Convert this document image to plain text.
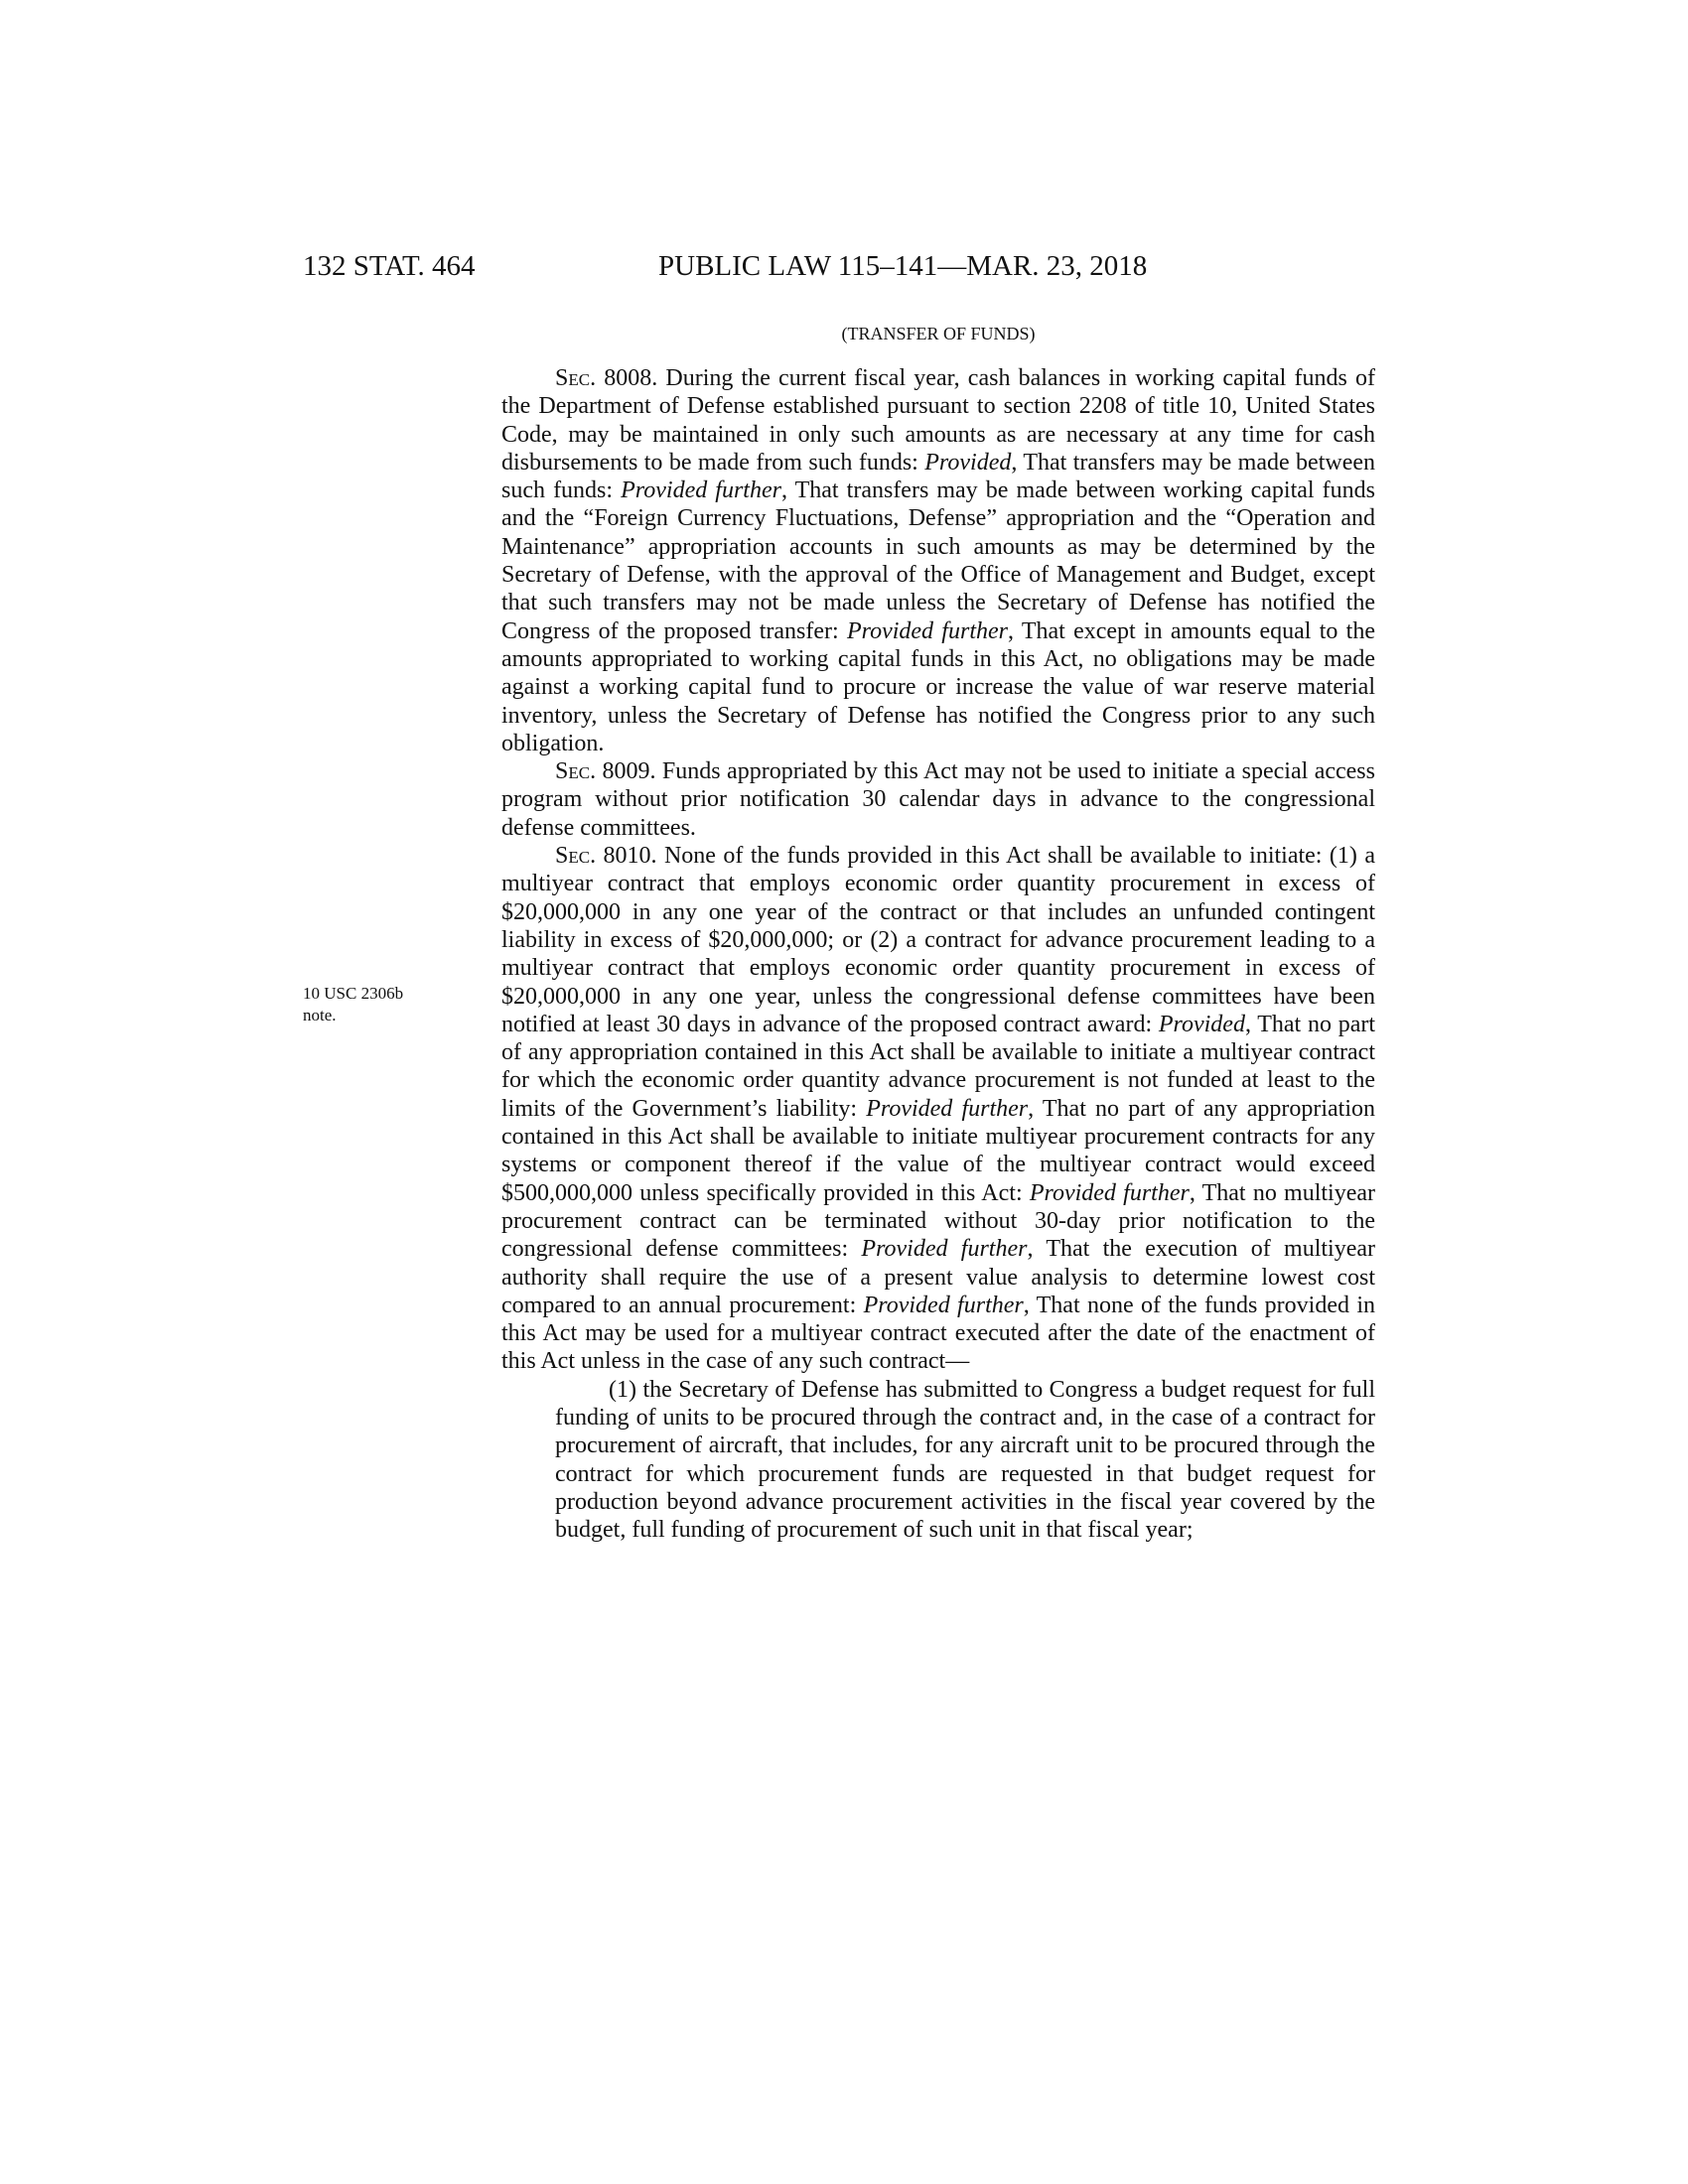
132 STAT. 464	PUBLIC LAW 115–141—MAR. 23, 2018
(TRANSFER OF FUNDS)
10 USC 2306b
note.

Sec. 8008. During the current fiscal year, cash balances in working capital funds of the Department of Defense established pursuant to section 2208 of title 10, United States Code, may be maintained in only such amounts as are necessary at any time for cash disbursements to be made from such funds: Provided, That transfers may be made between such funds: Provided further, That transfers may be made between working capital funds and the “Foreign Currency Fluctuations, Defense” appropriation and the “Operation and Maintenance” appropriation accounts in such amounts as may be determined by the Secretary of Defense, with the approval of the Office of Management and Budget, except that such transfers may not be made unless the Secretary of Defense has notified the Congress of the proposed transfer: Provided further, That except in amounts equal to the amounts appropriated to working capital funds in this Act, no obligations may be made against a working capital fund to procure or increase the value of war reserve material inventory, unless the Secretary of Defense has notified the Congress prior to any such obligation.

Sec. 8009. Funds appropriated by this Act may not be used to initiate a special access program without prior notification 30 calendar days in advance to the congressional defense committees.

Sec. 8010. None of the funds provided in this Act shall be available to initiate: (1) a multiyear contract that employs economic order quantity procurement in excess of $20,000,000 in any one year of the contract or that includes an unfunded contingent liability in excess of $20,000,000; or (2) a contract for advance procurement leading to a multiyear contract that employs economic order quantity procurement in excess of $20,000,000 in any one year, unless the congressional defense committees have been notified at least 30 days in advance of the proposed contract award: Provided, That no part of any appropriation contained in this Act shall be available to initiate a multiyear contract for which the economic order quantity advance procurement is not funded at least to the limits of the Government’s liability: Provided further, That no part of any appropriation contained in this Act shall be available to initiate multiyear procurement contracts for any systems or component thereof if the value of the multiyear contract would exceed $500,000,000 unless specifically provided in this Act: Provided further, That no multiyear procurement contract can be terminated without 30-day prior notification to the congressional defense committees: Provided further, That the execution of multiyear authority shall require the use of a present value analysis to determine lowest cost compared to an annual procurement: Provided further, That none of the funds provided in this Act may be used for a multiyear contract executed after the date of the enactment of this Act unless in the case of any such contract—

(1) the Secretary of Defense has submitted to Congress a budget request for full funding of units to be procured through the contract and, in the case of a contract for procurement of aircraft, that includes, for any aircraft unit to be procured through the contract for which procurement funds are requested in that budget request for production beyond advance procurement activities in the fiscal year covered by the budget, full funding of procurement of such unit in that fiscal year;
